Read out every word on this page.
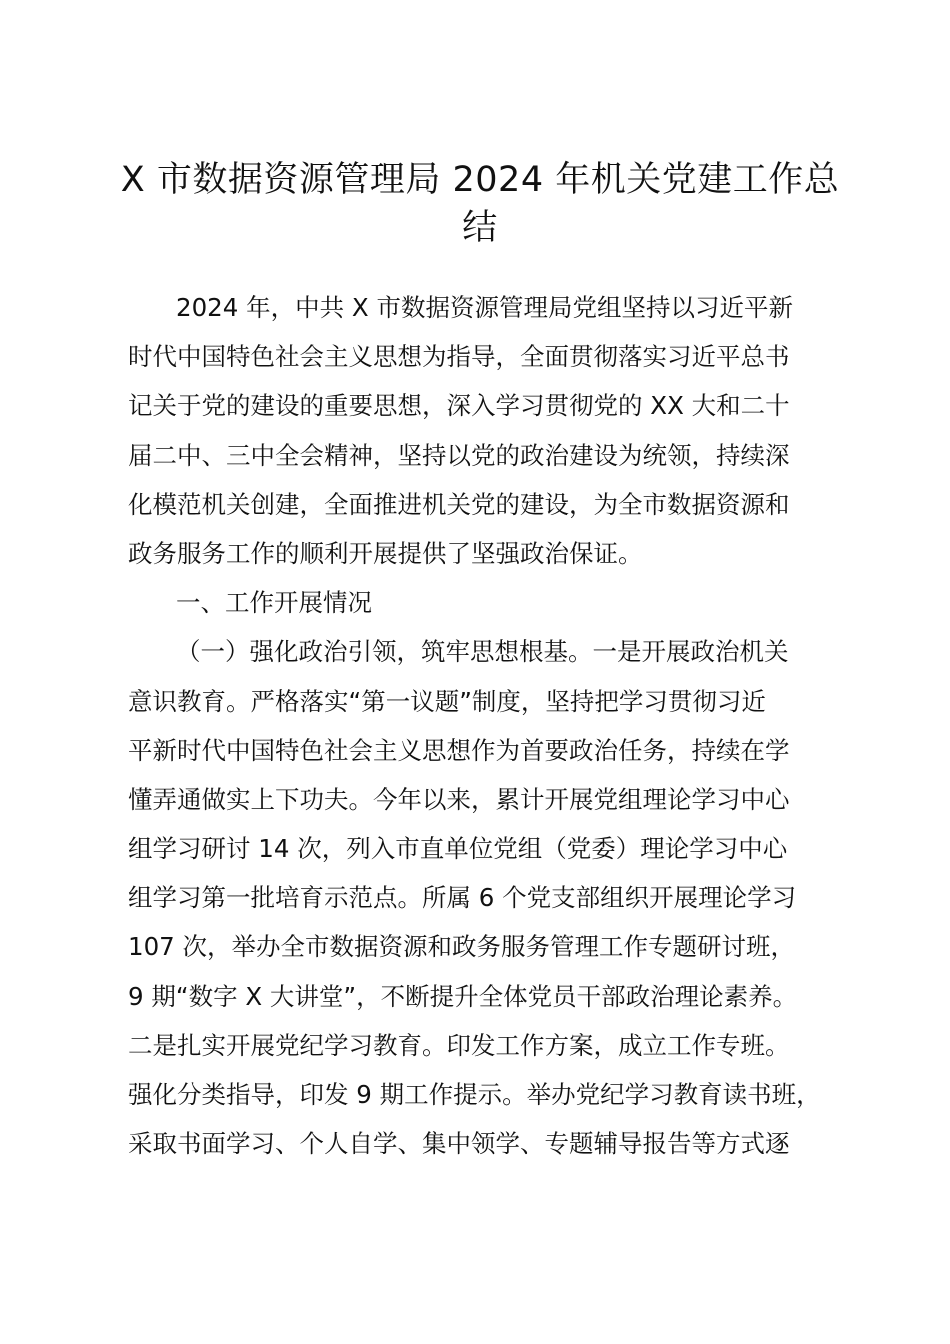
X 市数据资源管理局 2024 年机关党建工作总
结
2024 年，中共 X 市数据资源管理局党组坚持以习近平新
时代中国特色社会主义思想为指导，全面贯彻落实习近平总书
记关于党的建设的重要思想，深入学习贯彻党的 XX 大和二十
届二中、三中全会精神，坚持以党的政治建设为统领，持续深
化模范机关创建，全面推进机关党的建设，为全市数据资源和
政务服务工作的顺利开展提供了坚强政治保证。
一、工作开展情况
（一）强化政治引领，筑牢思想根基。一是开展政治机关
意识教育。严格落实“第一议题”制度，坚持把学习贯彻习近
平新时代中国特色社会主义思想作为首要政治任务，持续在学
懂弄通做实上下功夫。今年以来，累计开展党组理论学习中心
组学习研讨 14 次，列入市直单位党组（党委）理论学习中心
组学习第一批培育示范点。所属 6 个党支部组织开展理论学习
107 次，举办全市数据资源和政务服务管理工作专题研讨班，
9 期“数字 X 大讲堂”，不断提升全体党员干部政治理论素养。
二是扎实开展党纪学习教育。印发工作方案，成立工作专班。
强化分类指导，印发 9 期工作提示。举办党纪学习教育读书班，
采取书面学习、个人自学、集中领学、专题辅导报告等方式逐
